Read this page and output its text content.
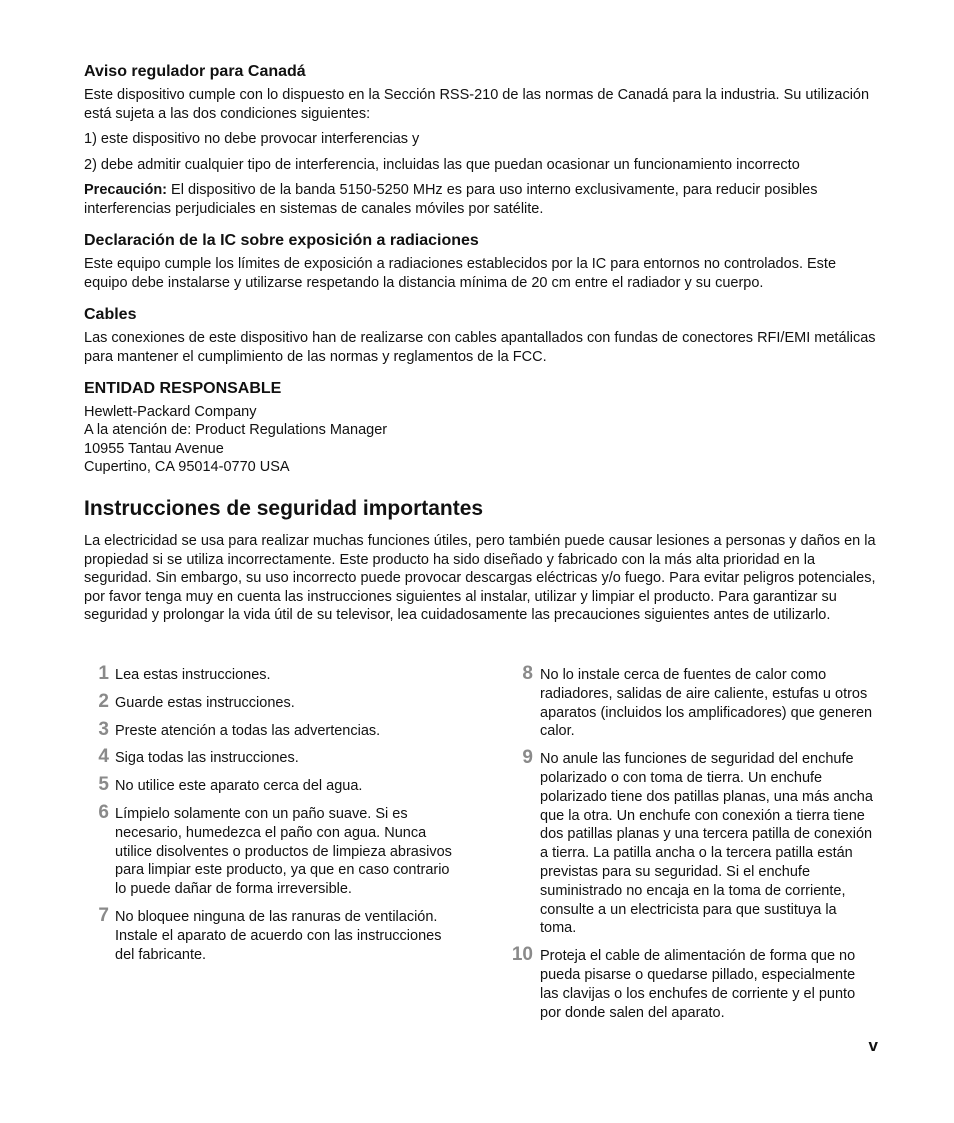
Aviso regulador para Canadá
Este dispositivo cumple con lo dispuesto en la Sección RSS-210 de las normas de Canadá para la industria. Su utilización está sujeta a las dos condiciones siguientes:
1) este dispositivo no debe provocar interferencias y
2) debe admitir cualquier tipo de interferencia, incluidas las que puedan ocasionar un funcionamiento incorrecto
Precaución: El dispositivo de la banda 5150-5250 MHz es para uso interno exclusivamente, para reducir posibles interferencias perjudiciales en sistemas de canales móviles por satélite.
Declaración de la IC sobre exposición a radiaciones
Este equipo cumple los límites de exposición a radiaciones establecidos por la IC para entornos no controlados. Este equipo debe instalarse y utilizarse respetando la distancia mínima de 20 cm entre el radiador y su cuerpo.
Cables
Las conexiones de este dispositivo han de realizarse con cables apantallados con fundas de conectores RFI/EMI metálicas para mantener el cumplimiento de las normas y reglamentos de la FCC.
ENTIDAD RESPONSABLE
Hewlett-Packard Company
A la atención de: Product Regulations Manager
10955 Tantau Avenue
Cupertino, CA 95014-0770 USA
Instrucciones de seguridad importantes
La electricidad se usa para realizar muchas funciones útiles, pero también puede causar lesiones a personas y daños en la propiedad si se utiliza incorrectamente. Este producto ha sido diseñado y fabricado con la más alta prioridad en la seguridad. Sin embargo, su uso incorrecto puede provocar descargas eléctricas y/o fuego. Para evitar peligros potenciales, por favor tenga muy en cuenta las instrucciones siguientes al instalar, utilizar y limpiar el producto. Para garantizar su seguridad y prolongar la vida útil de su televisor, lea cuidadosamente las precauciones siguientes antes de utilizarlo.
1 Lea estas instrucciones.
2 Guarde estas instrucciones.
3 Preste atención a todas las advertencias.
4 Siga todas las instrucciones.
5 No utilice este aparato cerca del agua.
6 Límpielo solamente con un paño suave. Si es necesario, humedezca el paño con agua. Nunca utilice disolventes o productos de limpieza abrasivos para limpiar este producto, ya que en caso contrario lo puede dañar de forma irreversible.
7 No bloquee ninguna de las ranuras de ventilación. Instale el aparato de acuerdo con las instrucciones del fabricante.
8 No lo instale cerca de fuentes de calor como radiadores, salidas de aire caliente, estufas u otros aparatos (incluidos los amplificadores) que generen calor.
9 No anule las funciones de seguridad del enchufe polarizado o con toma de tierra. Un enchufe polarizado tiene dos patillas planas, una más ancha que la otra. Un enchufe con conexión a tierra tiene dos patillas planas y una tercera patilla de conexión a tierra. La patilla ancha o la tercera patilla están previstas para su seguridad. Si el enchufe suministrado no encaja en la toma de corriente, consulte a un electricista para que sustituya la toma.
10 Proteja el cable de alimentación de forma que no pueda pisarse o quedarse pillado, especialmente las clavijas o los enchufes de corriente y el punto por donde salen del aparato.
v
